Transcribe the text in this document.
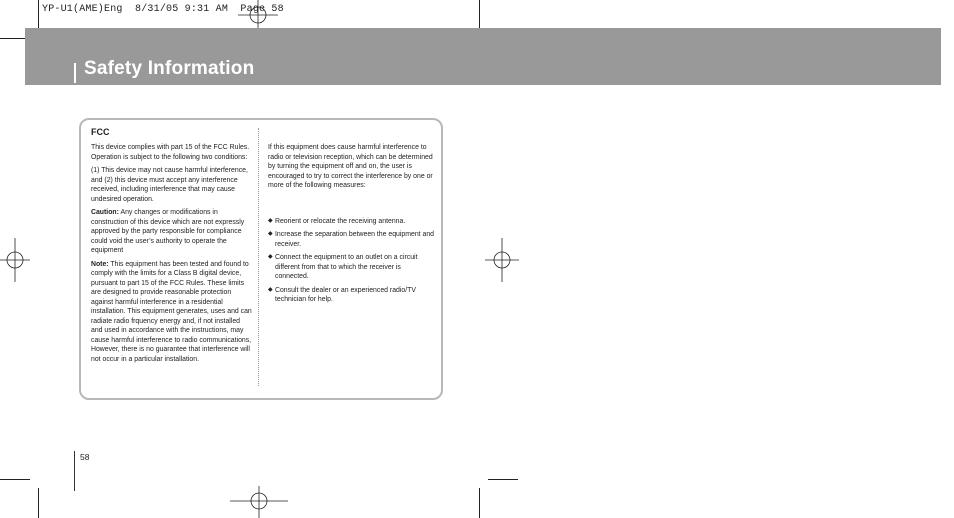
YP-U1(AME)Eng  8/31/05 9:31 AM  Page 58
Safety Information
FCC

This device complies with part 15 of the FCC Rules. Operation is subject to the following two conditions:

(1) This device may not cause harmful interference, and (2) this device must accept any interference received, including interference that may cause undesired operation.

Caution: Any changes or modifications in construction of this device which are not expressly approved by the party responsible for compliance could void the user’s authority to operate the equipment

Note: This equipment has been tested and found to comply with the limits for a Class B digital device, pursuant to part 15 of the FCC Rules. These limits are designed to provide reasonable protection against harmful interference in a residential installation. This equipment generates, uses and can radiate radio frquency energy and, if not installed and used in accordance with the instructions, may cause harmful interference to radio communications, However, there is no guarantee that interference will not occur in a particular installation.

If this equipment does cause harmful interference to radio or television reception, which can be determined by turning the equipment off and on, the user is encouraged to try to correct the interference by one or more of the following measures:

◆ Reorient or relocate the receiving antenna.
◆ Increase the separation between the equipment and receiver.
◆ Connect the equipment to an outlet on a circuit different from that to which the receiver is connected.
◆ Consult the dealer or an experienced radio/TV technician for help.
58
